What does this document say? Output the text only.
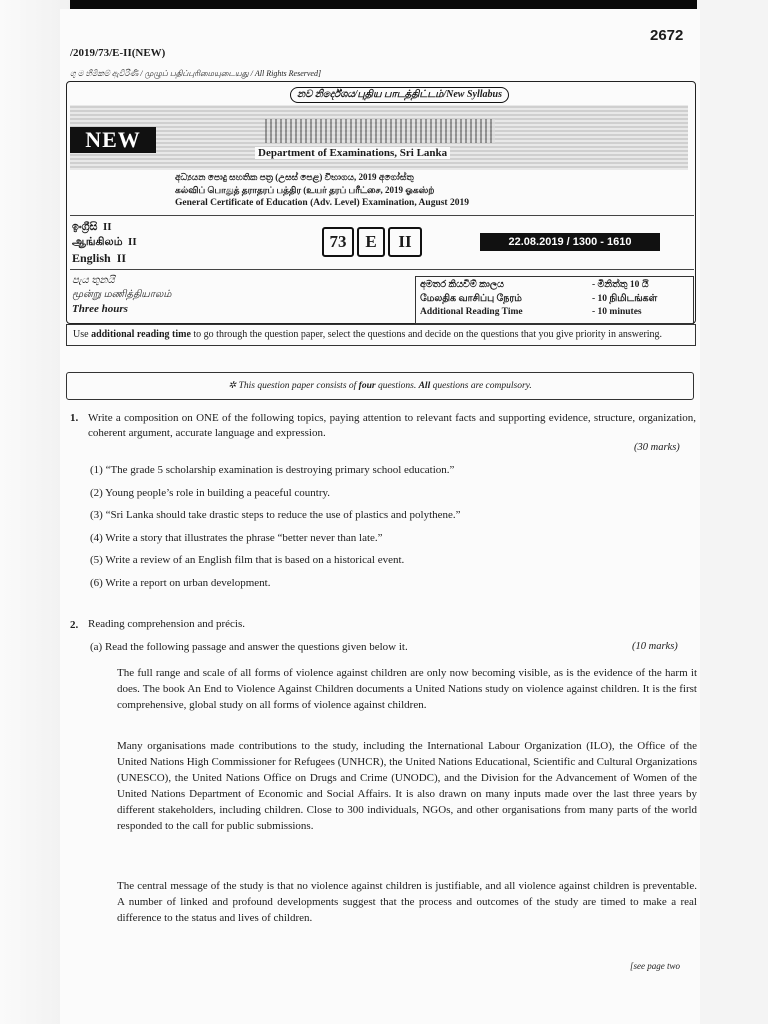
/2019/73/E-II(NEW)
2672
ගු ම හිමිකම් ඇවිරිණි / முழுப் பதிப்புரிமையுடையது / All Rights Reserved]
නව නිර්දේශය/புதிய பாடத்திட்டம்/New Syllabus
NEW
Department of Examinations, Sri Lanka
අධ්‍යයන පොදු සහතික පත්‍ර (උසස් පෙළ) විභාගය, 2019 අගෝස්තු
கல்விப் பொதுத் தராதரப் பத்திர (உயர் தரப் பரீட்சை, 2019 ஓகஸ்ற்
General Certificate of Education (Adv. Level) Examination, August 2019
ඉංග්‍රීසි II
ஆங்கிலம் II
English II
73	E	II	22.08.2019 / 1300 - 1610
පැය තුනයි
மூன்று மணித்தியாலம்
Three hours
අමතර කියවීම් කාලය	- මිනිත්තු 10 යි
மேலதிக வாசிப்பு நேரம்	- 10 நிமிடங்கள்
Additional Reading Time	- 10 minutes
Use additional reading time to go through the question paper, select the questions and decide on the questions that you give priority in answering.
✲ This question paper consists of four questions. All questions are compulsory.
1. Write a composition on ONE of the following topics, paying attention to relevant facts and supporting evidence, structure, organization, coherent argument, accurate language and expression.
(30 marks)
(1) “The grade 5 scholarship examination is destroying primary school education.”
(2) Young people’s role in building a peaceful country.
(3) “Sri Lanka should take drastic steps to reduce the use of plastics and polythene.”
(4) Write a story that illustrates the phrase “better never than late.”
(5) Write a review of an English film that is based on a historical event.
(6) Write a report on urban development.
2. Reading comprehension and précis.
(a) Read the following passage and answer the questions given below it.	(10 marks)
The full range and scale of all forms of violence against children are only now becoming visible, as is the evidence of the harm it does. The book An End to Violence Against Children documents a United Nations study on violence against children. It is the first comprehensive, global study on all forms of violence against children.
Many organisations made contributions to the study, including the International Labour Organization (ILO), the Office of the United Nations High Commissioner for Refugees (UNHCR), the United Nations Educational, Scientific and Cultural Organizations (UNESCO), the United Nations Office on Drugs and Crime (UNODC), and the Division for the Advancement of Women of the United Nations Department of Economic and Social Affairs. It is also drawn on many inputs made over the last three years by different stakeholders, including children. Close to 300 individuals, NGOs, and other organisations from many parts of the world responded to the call for public submissions.
The central message of the study is that no violence against children is justifiable, and all violence against children is preventable. A number of linked and profound developments suggest that the process and outcomes of the study are timed to make a real difference to the status and lives of children.
[see page two
